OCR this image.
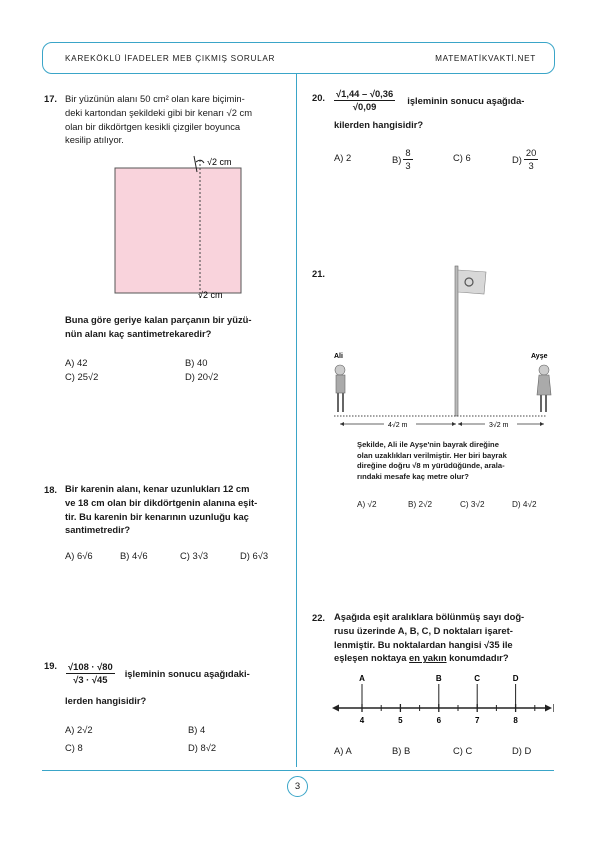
KAREKÖKLÜ İFADELER MEB ÇIKMIŞ SORULAR	MATEMATİKVAKTİ.NET
3
17. Bir yüzünün alanı 50 cm² olan kare biçimin-
deki kartondan şekildeki gibi bir kenarı √2 cm
olan bir dikdörtgen kesikli çizgiler boyunca
kesilip atılıyor.
√2 cm
√2 cm
Buna göre geriye kalan parçanın bir yüzü-
nün alanı kaç santimetrekaredir?
A) 42	B) 40
C) 25√2	D) 20√2
18. Bir karenin alanı, kenar uzunlukları 12 cm
ve 18 cm olan bir dikdörtgenin alanına eşit-
tir. Bu karenin bir kenarının uzunluğu kaç
santimetredir?
A) 6√6	B) 4√6	C) 3√3	D) 6√3
19. $\frac{√108 \cdot √80}{√3 \cdot √45}$ işleminin sonucu aşağıdaki-
lerden hangisidir?
A) 2√2	B) 4
C) 8	D) 8√2
20. $\frac{√1,44 - √0,36}{√0,09}$ işleminin sonucu aşağıda-
kilerden hangisidir?
A) 2	$B) \frac{8}{3}$	C) 6	$D) \frac{20}{3}$
21.
Ali	Ayşe
4√2 m	3√2 m
Şekilde, Ali ile Ayşe'nin bayrak direğine
olan uzaklıkları verilmiştir. Her biri bayrak
direğine doğru √8 m yürüdüğünde, arala-
rındaki mesafe kaç metre olur?
A) √2	B) 2√2	C) 3√2	D) 4√2
22. Aşağıda eşit aralıklara bölünmüş sayı doğ-
rusu üzerinde A, B, C, D noktaları işaret-
lenmiştir. Bu noktalardan hangisi √35 ile
eşleşen noktaya en yakın konumdadır?
4	5	6	7	8
A	B	C	D
A) A	B) B	C) C	D) D
